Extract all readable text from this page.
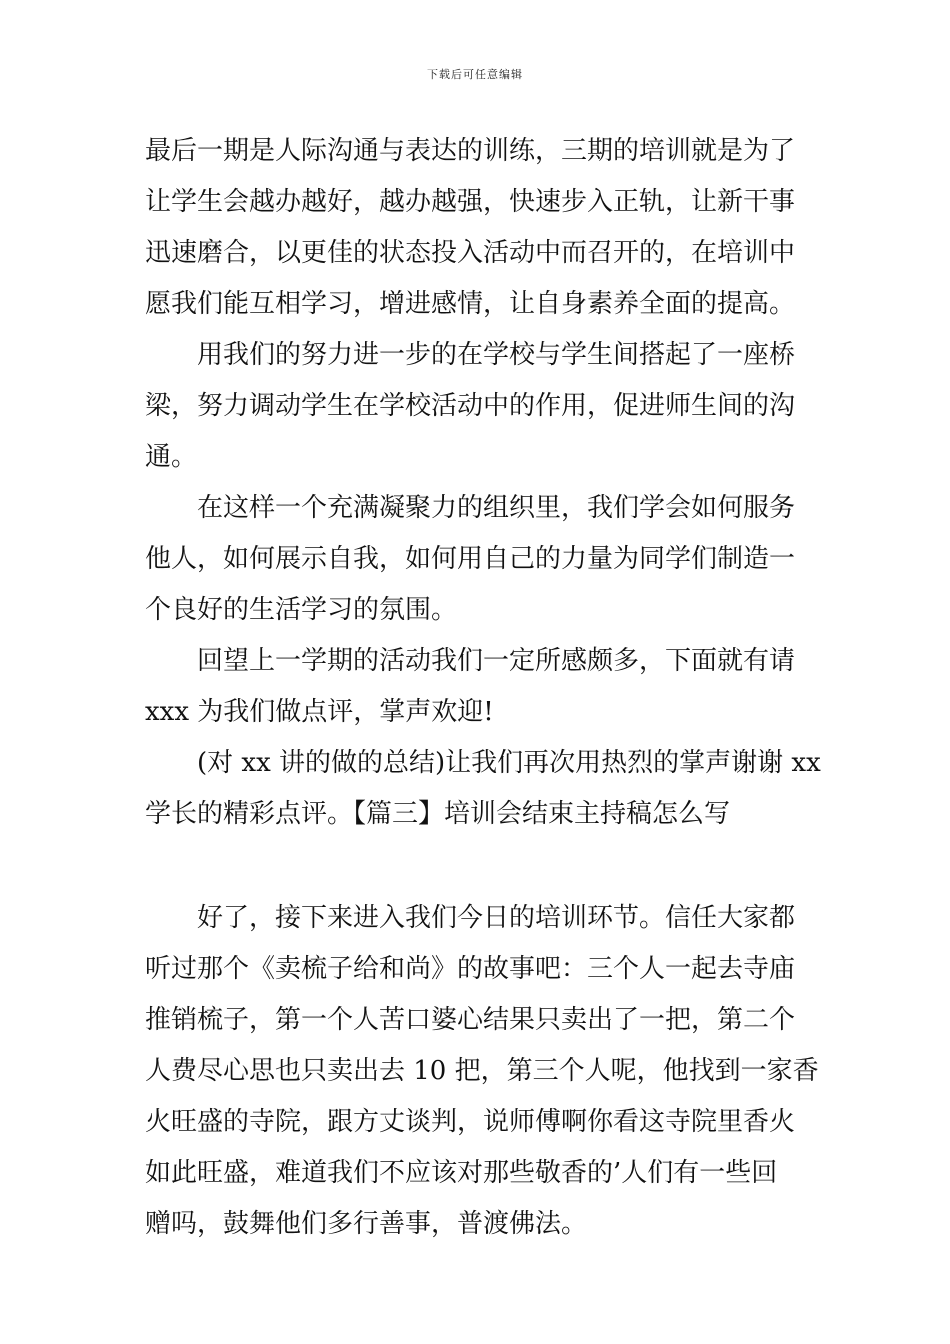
下载后可任意编辑
最后一期是人际沟通与表达的训练，三期的培训就是为了
让学生会越办越好，越办越强，快速步入正轨，让新干事
迅速磨合，以更佳的状态投入活动中而召开的，在培训中
愿我们能互相学习，增进感情，让自身素养全面的提高。
用我们的努力进一步的在学校与学生间搭起了一座桥
梁，努力调动学生在学校活动中的作用，促进师生间的沟
通。
在这样一个充满凝聚力的组织里，我们学会如何服务
他人，如何展示自我，如何用自己的力量为同学们制造一
个良好的生活学习的氛围。
回望上一学期的活动我们一定所感颇多，下面就有请
xxx 为我们做点评，掌声欢迎!
(对 xx 讲的做的总结)让我们再次用热烈的掌声谢谢 xx
学长的精彩点评。【篇三】培训会结束主持稿怎么写
好了，接下来进入我们今日的培训环节。信任大家都
听过那个《卖梳子给和尚》的故事吧：三个人一起去寺庙
推销梳子，第一个人苦口婆心结果只卖出了一把，第二个
人费尽心思也只卖出去 10 把，第三个人呢，他找到一家香
火旺盛的寺院，跟方丈谈判，说师傅啊你看这寺院里香火
如此旺盛，难道我们不应该对那些敬香的’人们有一些回
赠吗，鼓舞他们多行善事，普渡佛法。
